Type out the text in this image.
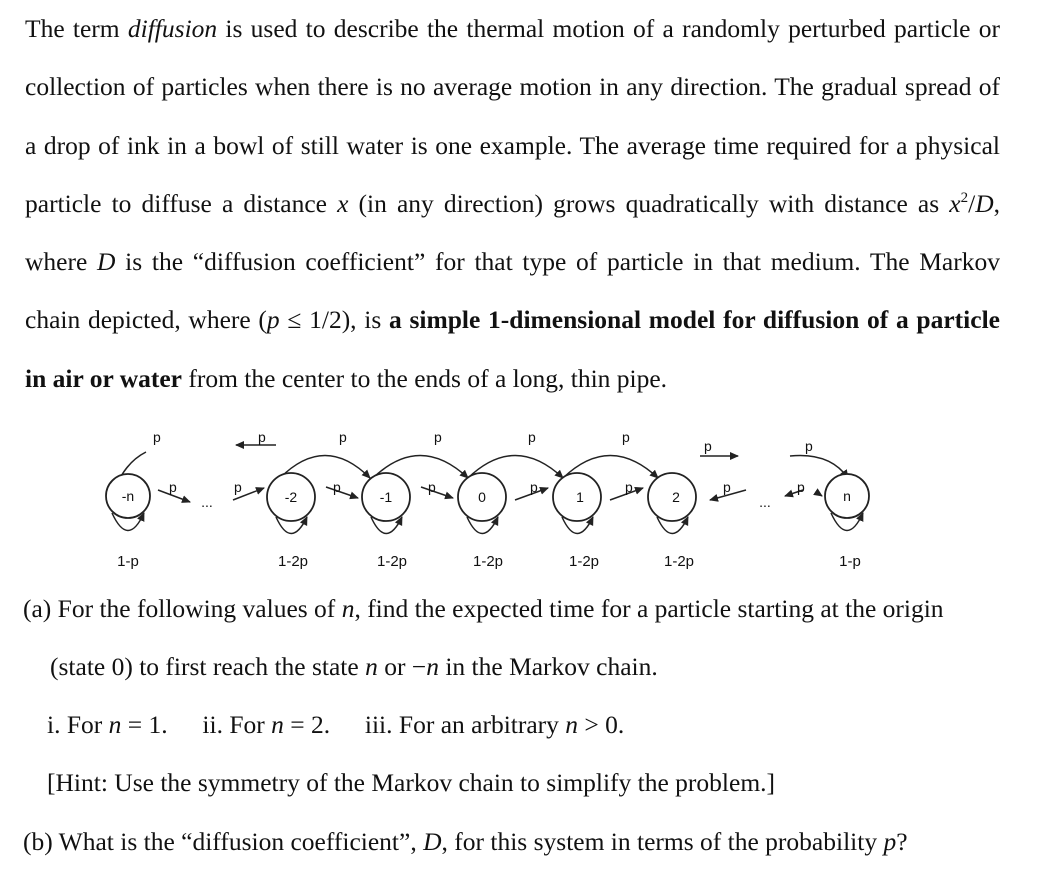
The term diffusion is used to describe the thermal motion of a randomly perturbed particle or collection of particles when there is no average motion in any direction. The gradual spread of a drop of ink in a bowl of still water is one example. The average time required for a physical particle to diffuse a distance x (in any direction) grows quadratically with distance as $x^2/D$, where D is the “diffusion coefficient” for that type of particle in that medium. The Markov chain depicted, where (p ≤ 1/2), is a simple 1-dimensional model for diffusion of a particle in air or water from the center to the ends of a long, thin pipe.

-n	-2	-1	0	1	2	n
...	...
p	p	p	p	p	p
p	p
p	p	p	p	p	p	p	p
1-p	1-2p	1-2p	1-2p	1-2p	1-2p	1-p
(a) For the following values of n, find the expected time for a particle starting at the origin
(state 0) to first reach the state n or −n in the Markov chain.
i. For n = 1. ii. For n = 2. iii. For an arbitrary n > 0.
[Hint: Use the symmetry of the Markov chain to simplify the problem.]
(b) What is the “diffusion coefficient”, D, for this system in terms of the probability p?
